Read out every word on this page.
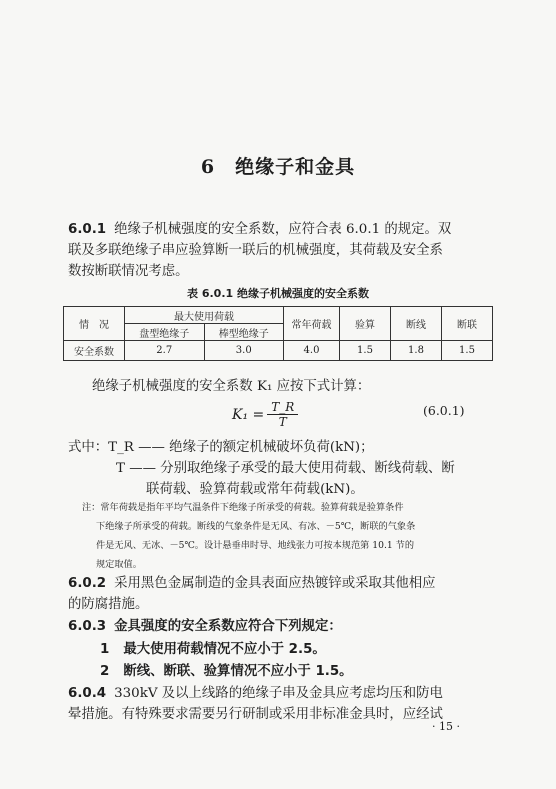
6 绝缘子和金具
6.0.1 绝缘子机械强度的安全系数，应符合表 6.0.1 的规定。双
联及多联绝缘子串应验算断一联后的机械强度，其荷载及安全系
数按断联情况考虑。
表 6.0.1 绝缘子机械强度的安全系数
情　况	最大使用荷载		常年荷载	验算	断线	断联
	盘型绝缘子	棒型绝缘子				
安全系数	2.7	3.0	4.0	1.5	1.8	1.5
绝缘子机械强度的安全系数 K₁ 应按下式计算：
$K_1 = \frac{T\_R}{T}$	(6.0.1)
式中：T_R —— 绝缘子的额定机械破坏负荷(kN)；
T —— 分别取绝缘子承受的最大使用荷载、断线荷载、断
联荷载、验算荷载或常年荷载(kN)。
注：常年荷载是指年平均气温条件下绝缘子所承受的荷载。验算荷载是验算条件
下绝缘子所承受的荷载。断线的气象条件是无风、有冰、－5℃，断联的气象条
件是无风、无冰、－5℃。设计悬垂串时导、地线张力可按本规范第 10.1 节的
规定取值。
6.0.2 采用黑色金属制造的金具表面应热镀锌或采取其他相应
的防腐措施。
6.0.3 金具强度的安全系数应符合下列规定：
1 最大使用荷载情况不应小于 2.5。
2 断线、断联、验算情况不应小于 1.5。
6.0.4 330kV 及以上线路的绝缘子串及金具应考虑均压和防电
晕措施。有特殊要求需要另行研制或采用非标准金具时，应经试
· 15 ·
